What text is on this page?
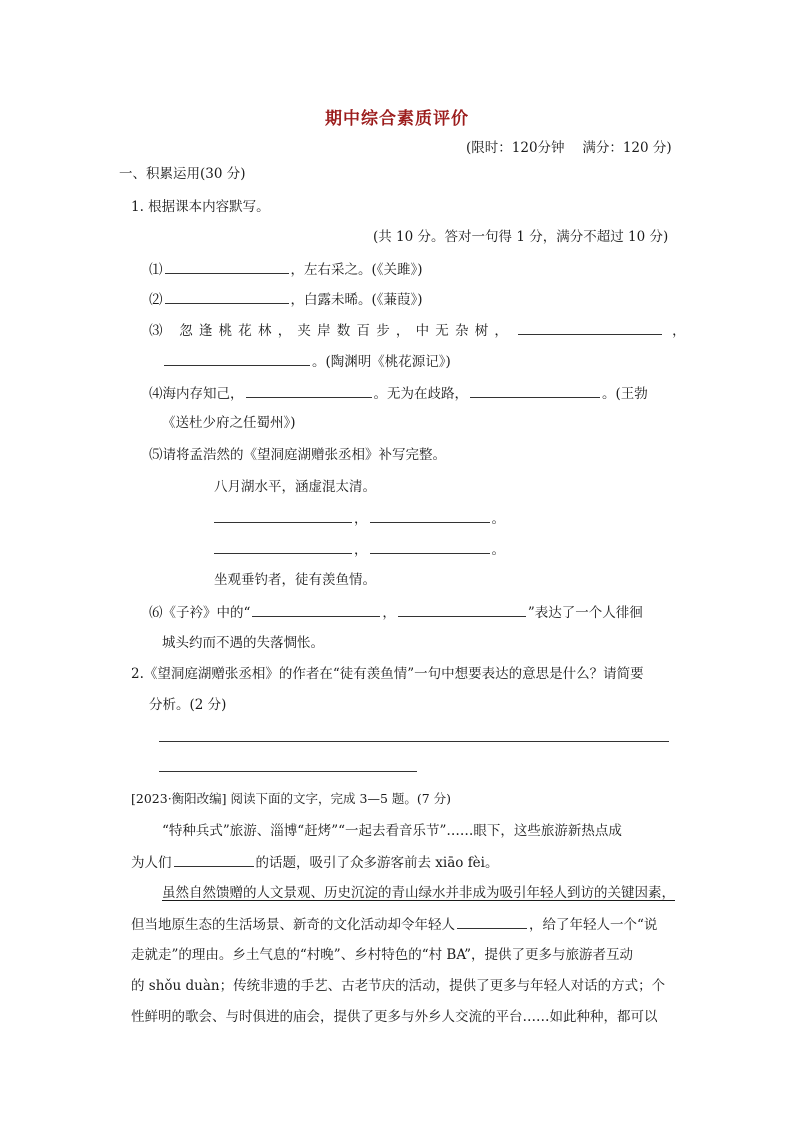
期中综合素质评价
(限时：120分钟　 满分：120 分)
一、积累运用(30 分)
1. 根据课本内容默写。
(共 10 分。答对一句得 1 分，满分不超过 10 分)
⑴	，左右采之。(《关雎》)
⑵	，白露未晞。(《蒹葭》)
⑶ 忽逢桃花林，夹岸数百步，中无杂树，	，
。(陶渊明《桃花源记》)
⑷海内存知己，	。无为在歧路，	。(王勃
《送杜少府之任蜀州》)
⑸请将孟浩然的《望洞庭湖赠张丞相》补写完整。
八月湖水平，涵虚混太清。
，	。
，	。
坐观垂钓者，徒有羡鱼情。
⑹《子衿》中的“	，	”表达了一个人徘徊
城头约而不遇的失落惆怅。
2.《望洞庭湖赠张丞相》的作者在“徒有羡鱼情”一句中想要表达的意思是什么？请简要
分析。(2 分)
[2023·衡阳改编] 阅读下面的文字，完成 3—5 题。(7 分)
“特种兵式”旅游、淄博“赶烤”“一起去看音乐节”……眼下，这些旅游新热点成
为人们	的话题，吸引了众多游客前去 xiāo fèi。
虽然自然馈赠的人文景观、历史沉淀的青山绿水并非成为吸引年轻人到访的关键因素，
但当地原生态的生活场景、新奇的文化活动却令年轻人	，给了年轻人一个“说
走就走”的理由。乡土气息的“村晚”、乡村特色的“村 BA”，提供了更多与旅游者互动
的 shǒu duàn；传统非遗的手艺、古老节庆的活动，提供了更多与年轻人对话的方式；个
性鲜明的歌会、与时俱进的庙会，提供了更多与外乡人交流的平台……如此种种，都可以
